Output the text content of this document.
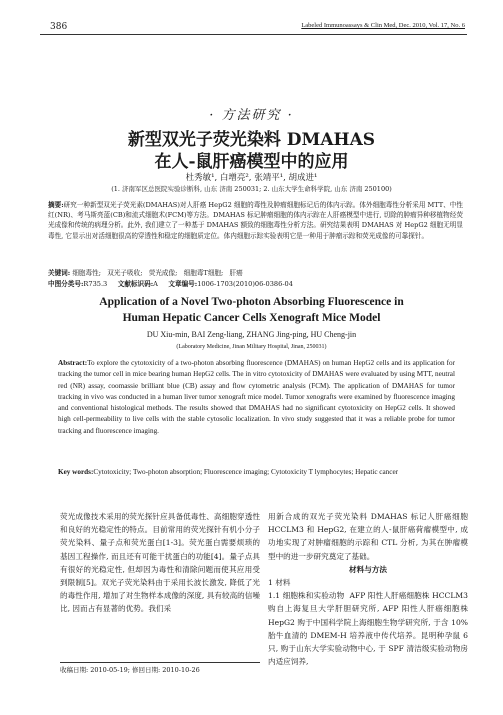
386	Labeled Immunoassays & Clin Med, Dec. 2010, Vol. 17, No. 6
· 方法研究 ·
新型双光子荧光染料 DMAHAS
在人-鼠肝癌模型中的应用
杜秀敏¹, 白增亮², 张靖平¹, 胡成进¹
(1. 济南军区总医院实验诊断科, 山东 济南 250031; 2. 山东大学生命科学院, 山东 济南 250100)
摘要:研究一种新型双光子荧光素(DMAHAS)对人肝癌 HepG2 细胞的毒性及肿瘤细胞标记后的体内示踪。体外细胞毒性分析采用 MTT、中性红(NR)、考马斯亮蓝(CB)和流式细胞术(FCM)等方法。DMAHAS 标记肿瘤细胞的体内示踪在人肝癌模型中进行, 切除的肿瘤异种移植物经荧光成像和传统的病理分析。此外, 我们建立了一种基于 DMAHAS 额致的细胞毒性分析方法。研究结果表明 DMAHAS 对 HepG2 细胞无明显毒性, 它显示出对活细胞很高的穿透性和稳定的细胞质定位。体内细胞示踪实验表明它是一种用于肿瘤示踪和荧光成像的可靠探针。
关键词: 细胞毒性; 双光子吸收; 荧光成像; 细胞毒T细胞; 肝癌
中图分类号:R735.3 文献标识码:A 文章编号:1006-1703(2010)06-0386-04
Application of a Novel Two-photon Absorbing Fluorescence in
Human Hepatic Cancer Cells Xenograft Mice Model
DU Xiu-min, BAI Zeng-liang, ZHANG Jing-ping, HU Cheng-jin
(Laboratory Medicine, Jinan Military Hospital, Jinan, 250031)
Abstract:To explore the cytotoxicity of a two-photon absorbing fluorescence (DMAHAS) on human HepG2 cells and its application for tracking the tumor cell in mice bearing human HepG2 cells. The in vitro cytotoxicity of DMAHAS were evaluated by using MTT, neutral red (NR) assay, coomassie brilliant blue (CB) assay and flow cytometric analysis (FCM). The application of DMAHAS for tumor tracking in vivo was conducted in a human liver tumor xenograft mice model. Tumor xenografts were examined by fluorescence imaging and conventional histological methods. The results showed that DMAHAS had no significant cytotoxicity on HepG2 cells. It showed high cell-permeability to live cells with the stable cytosolic localization. In vivo study suggested that it was a reliable probe for tumor tracking and fluorescence imaging.
Key words:Cytotoxicity; Two-photon absorption; Fluorescence imaging; Cytotoxicity T lymphocytes; Hepatic cancer
荧光成像技术采用的荧光探针应具备低毒性、高细胞穿透性和良好的光稳定性的特点。目前常用的荧光探针有机小分子荧光染料、量子点和荧光蛋白[1-3]。荧光蛋白需要烦琐的基因工程操作, 而且还有可能干扰蛋白的功能[4]。量子点具有很好的光稳定性, 但却因为毒性和清除问题而使其应用受到限制[5]。双光子荧光染料由于采用长波长激发, 降低了光的毒性作用, 增加了对生物样本成像的深度, 具有较高的信噪比, 因而占有显著的优势。我们采
用新合成的双光子荧光染料 DMAHAS 标记人肝癌细胞 HCCLM3 和 HepG2, 在建立的人-鼠肝癌荷瘤模型中, 成功地实现了对肿瘤细胞的示踪和 CTL 分析, 为其在肿瘤模型中的进一步研究奠定了基础。
材料与方法
1 材料
1.1 细胞株和实验动物 AFP 阳性人肝癌细胞株 HCCLM3 购自上海复旦大学肝胆研究所, AFP 阳性人肝癌细胞株 HepG2 购于中国科学院上海细胞生物学研究所, 于含 10% 胎牛血清的 DMEM-H 培养液中传代培养。昆明种孕鼠 6 只, 购于山东大学实验动物中心, 于 SPF 清洁级实验动物房内适应饲养,
收稿日期: 2010-05-19; 修回日期: 2010-10-26
